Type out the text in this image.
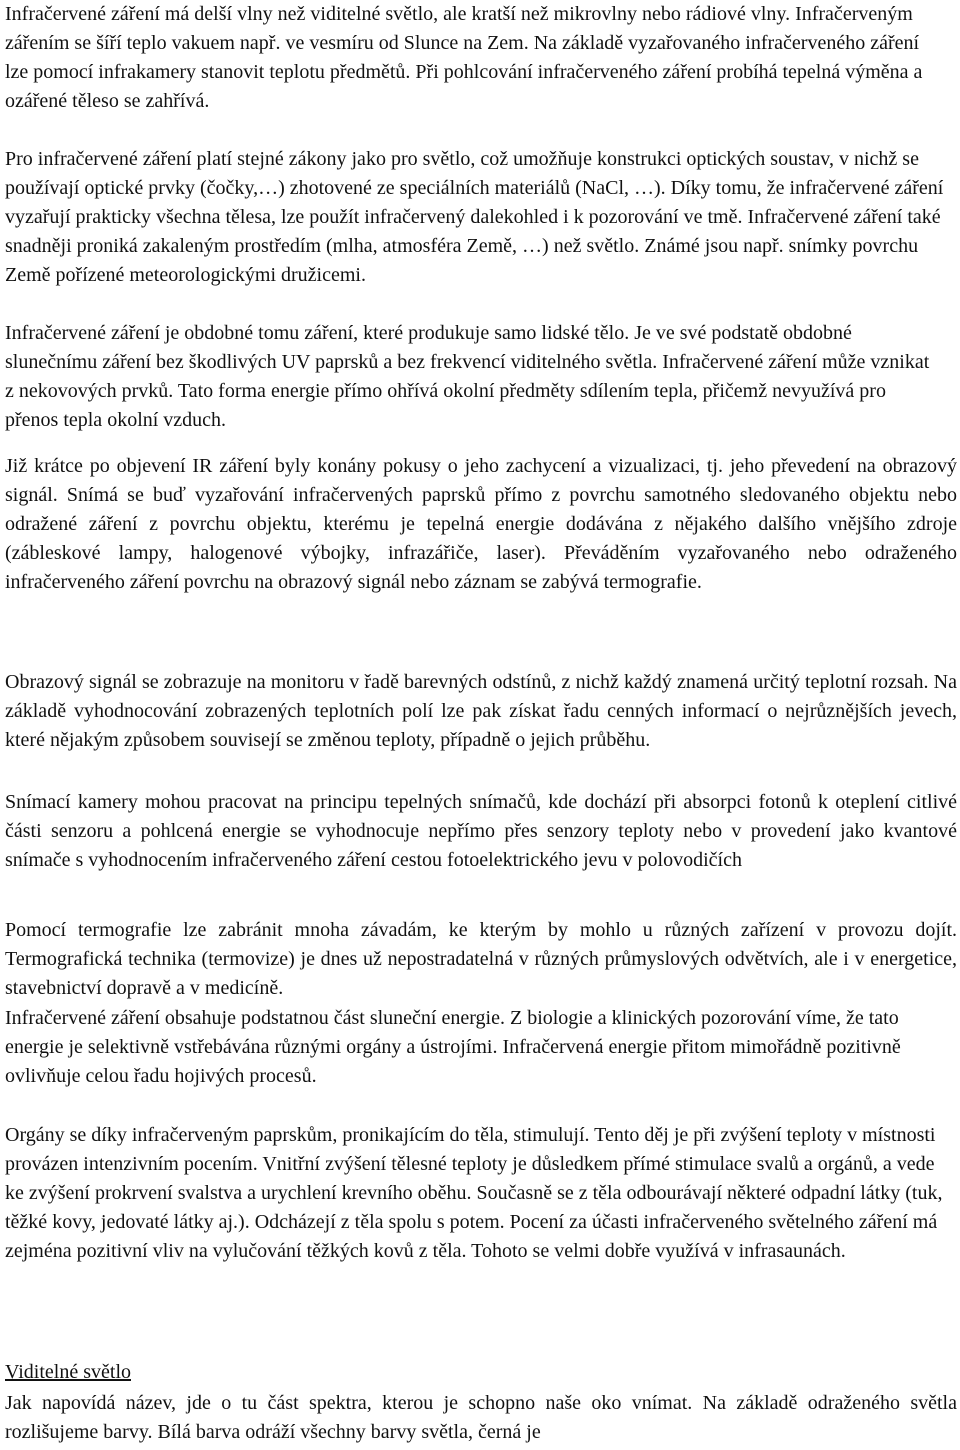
Infračervené záření má delší vlny než viditelné světlo, ale kratší než mikrovlny nebo rádiové vlny. Infračerveným zářením se šíří teplo vakuem např. ve vesmíru od Slunce na Zem. Na základě vyzařovaného infračerveného záření lze pomocí infrakamery stanovit teplotu předmětů. Při pohlcování infračerveného záření probíhá tepelná výměna a ozářené těleso se zahřívá.

Pro infračervené záření platí stejné zákony jako pro světlo, což umožňuje konstrukci optických soustav, v nichž se používají optické prvky (čočky,…) zhotovené ze speciálních materiálů (NaCl, …). Díky tomu, že infračervené záření vyzařují prakticky všechna tělesa, lze použít infračervený dalekohled i k pozorování ve tmě. Infračervené záření také snadněji proniká zakaleným prostředím (mlha, atmosféra Země, …) než světlo. Známé jsou např. snímky povrchu Země pořízené meteorologickými družicemi.

Infračervené záření je obdobné tomu záření, které produkuje samo lidské tělo. Je ve své podstatě obdobné slunečnímu záření bez škodlivých UV paprsků a bez frekvencí viditelného světla. Infračervené záření může vznikat z nekovových prvků. Tato forma energie přímo ohřívá okolní předměty sdílením tepla, přičemž nevyužívá pro přenos tepla okolní vzduch.

Již krátce po objevení IR záření byly konány pokusy o jeho zachycení a vizualizaci, tj. jeho převedení na obrazový signál. Snímá se buď vyzařování infračervených paprsků přímo z povrchu samotného sledovaného objektu nebo odražené záření z povrchu objektu, kterému je tepelná energie dodávána z nějakého dalšího vnějšího zdroje (zábleskové lampy, halogenové výbojky, infrazářiče, laser). Převáděním vyzařovaného nebo odraženého infračerveného záření povrchu na obrazový signál nebo záznam se zabývá termografie.

Obrazový signál se zobrazuje na monitoru v řadě barevných odstínů, z nichž každý znamená určitý teplotní rozsah. Na základě vyhodnocování zobrazených teplotních polí lze pak získat řadu cenných informací o nejrůznějších jevech, které nějakým způsobem souvisejí se změnou teploty, případně o jejich průběhu.

Snímací kamery mohou pracovat na principu tepelných snímačů, kde dochází při absorpci fotonů k oteplení citlivé části senzoru a pohlcená energie se vyhodnocuje nepřímo přes senzory teploty nebo v provedení jako kvantové snímače s vyhodnocením infračerveného záření cestou fotoelektrického jevu v polovodičích

Pomocí termografie lze zabránit mnoha závadám, ke kterým by mohlo u různých zařízení v provozu dojít. Termografická technika (termovize) je dnes už nepostradatelná v různých průmyslových odvětvích, ale i v energetice, stavebnictví dopravě a v medicíně.

Infračervené záření obsahuje podstatnou část sluneční energie. Z biologie a klinických pozorování víme, že tato energie je selektivně vstřebávána různými orgány a ústrojími. Infračervená energie přitom mimořádně pozitivně ovlivňuje celou řadu hojivých procesů.

Orgány se díky infračerveným paprskům, pronikajícím do těla, stimulují. Tento děj je při zvýšení teploty v místnosti provázen intenzivním pocením. Vnitřní zvýšení tělesné teploty je důsledkem přímé stimulace svalů a orgánů, a vede ke zvýšení prokrvení svalstva a urychlení krevního oběhu. Současně se z těla odbourávají některé odpadní látky (tuk, těžké kovy, jedovaté látky aj.). Odcházejí z těla spolu s potem. Pocení za účasti infračerveného světelného záření má zejména pozitivní vliv na vylučování těžkých kovů z těla. Tohoto se velmi dobře využívá v infrasaunách.

Viditelné světlo

Jak napovídá název, jde o tu část spektra, kterou je schopno naše oko vnímat. Na základě odraženého světla rozlišujeme barvy. Bílá barva odráží všechny barvy světla, černá je
